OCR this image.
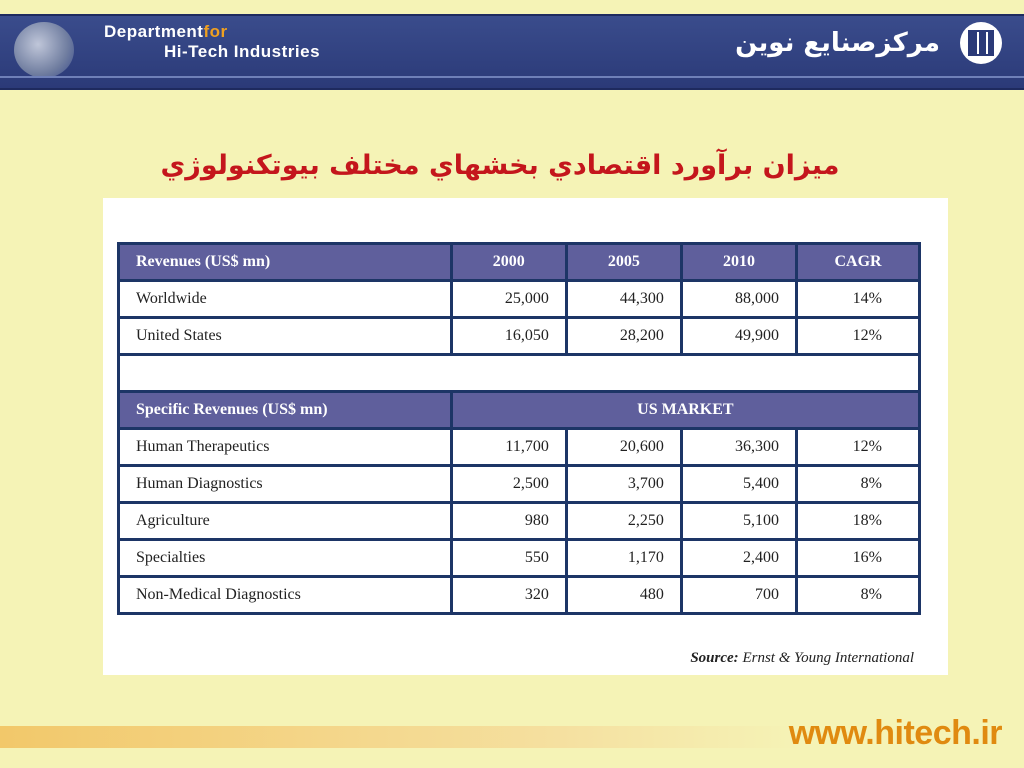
Departmentfor
Hi-Tech Industries	مركزصنايع نوين
ميزان برآورد اقتصادي بخشهاي مختلف بيوتكنولوژي
Revenues (US$ mn)	2000	2005	2010	CAGR
Worldwide	25,000	44,300	88,000	14%
United States	16,050	28,200	49,900	12%

Specific Revenues (US$ mn)	US MARKET			
Human Therapeutics	11,700	20,600	36,300	12%
Human Diagnostics	2,500	3,700	5,400	8%
Agriculture	980	2,250	5,100	18%
Specialties	550	1,170	2,400	16%
Non-Medical Diagnostics	320	480	700	8%
Source: Ernst & Young International
www.hitech.ir
